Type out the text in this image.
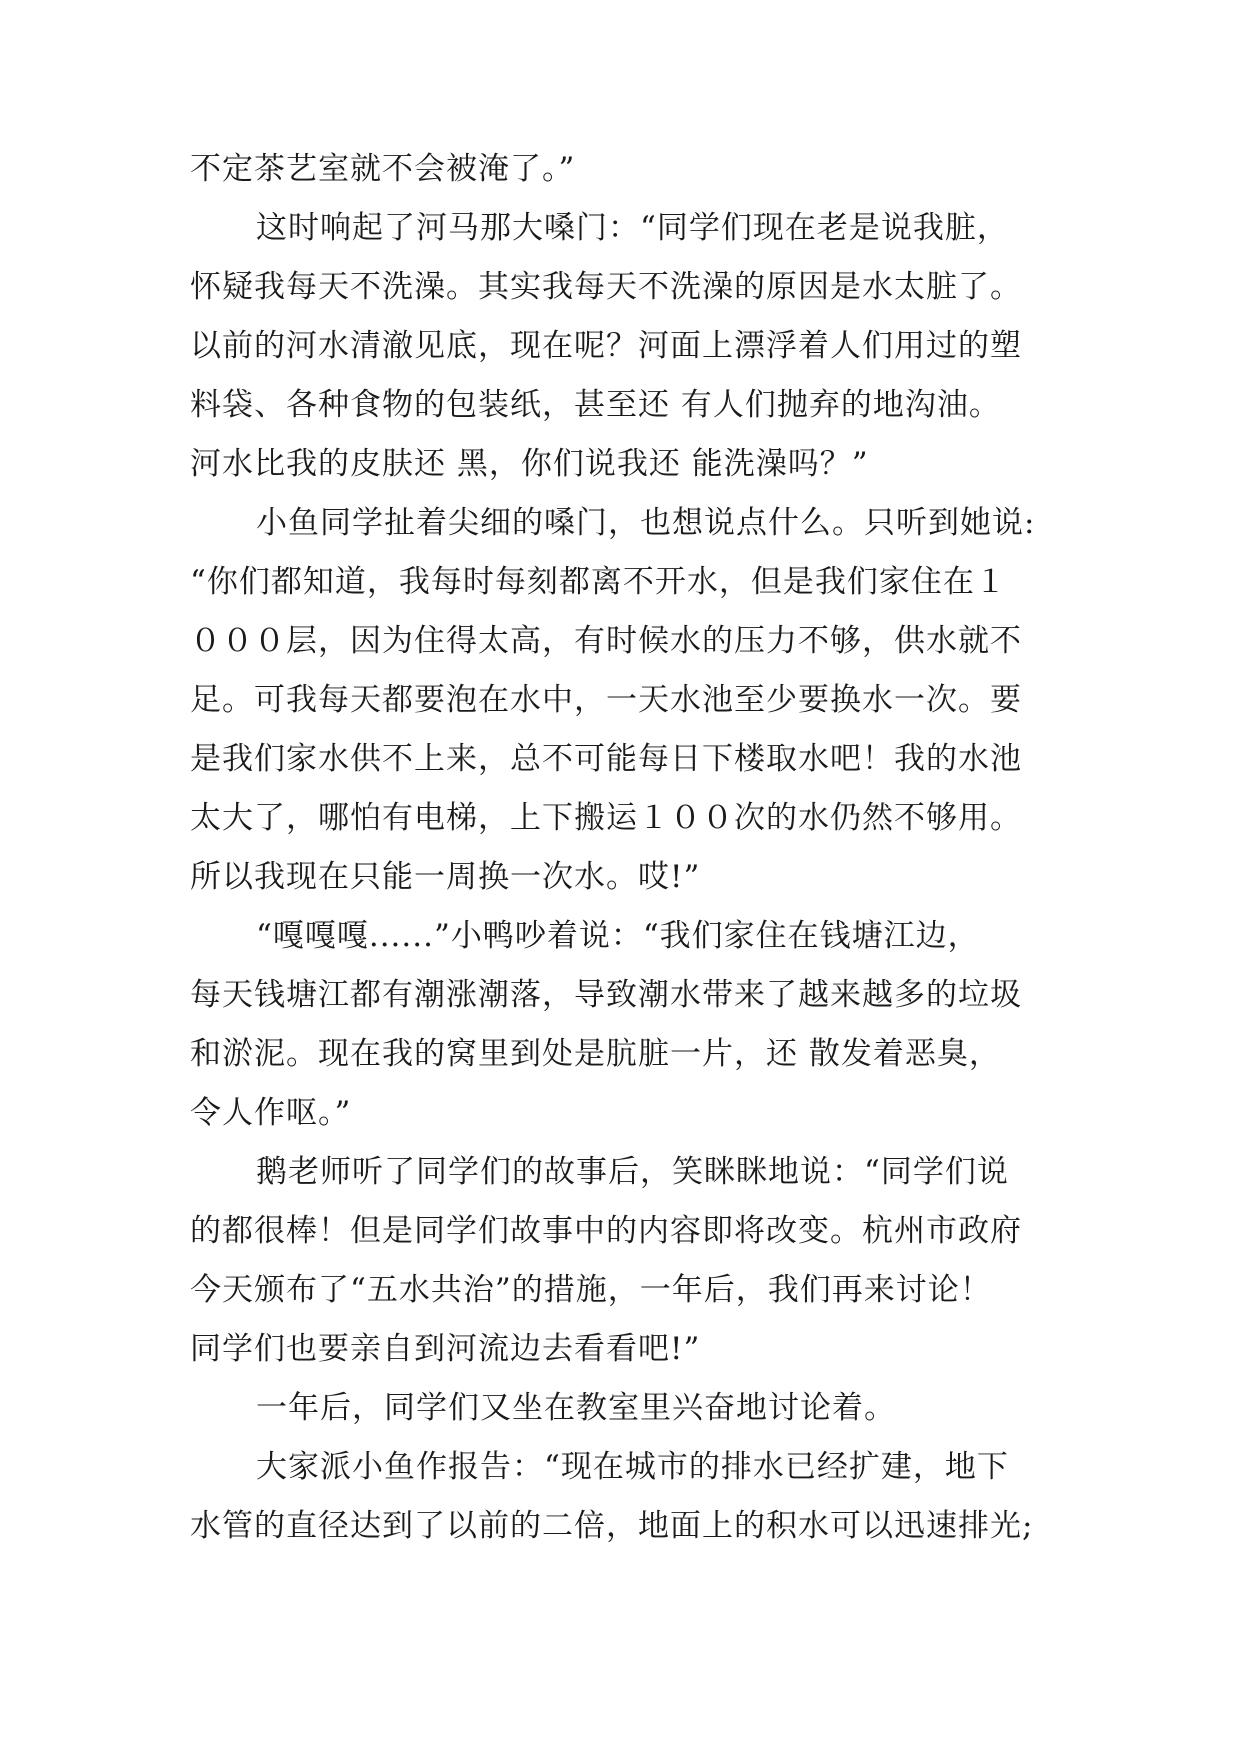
不定茶艺室就不会被淹了。”
这时响起了河马那大嗓门：“同学们现在老是说我脏，
怀疑我每天不洗澡。其实我每天不洗澡的原因是水太脏了。
以前的河水清澈见底，现在呢？河面上漂浮着人们用过的塑
料袋、各种食物的包装纸，甚至还 有人们抛弃的地沟油。
河水比我的皮肤还 黑，你们说我还 能洗澡吗？”
小鱼同学扯着尖细的嗓门，也想说点什么。只听到她说:
“你们都知道，我每时每刻都离不开水，但是我们家住在１
０００层，因为住得太高，有时候水的压力不够，供水就不
足。可我每天都要泡在水中，一天水池至少要换水一次。要
是我们家水供不上来，总不可能每日下楼取水吧！我的水池
太大了，哪怕有电梯，上下搬运１００次的水仍然不够用。
所以我现在只能一周换一次水。哎!”
“嘎嘎嘎......”小鸭吵着说：“我们家住在钱塘江边，
每天钱塘江都有潮涨潮落，导致潮水带来了越来越多的垃圾
和淤泥。现在我的窝里到处是肮脏一片，还 散发着恶臭，
令人作呕。”
鹅老师听了同学们的故事后，笑眯眯地说：“同学们说
的都很棒！但是同学们故事中的内容即将改变。杭州市政府
今天颁布了“五水共治”的措施，一年后，我们再来讨论！
同学们也要亲自到河流边去看看吧!”
一年后，同学们又坐在教室里兴奋地讨论着。
大家派小鱼作报告：“现在城市的排水已经扩建，地下
水管的直径达到了以前的二倍，地面上的积水可以迅速排光;
